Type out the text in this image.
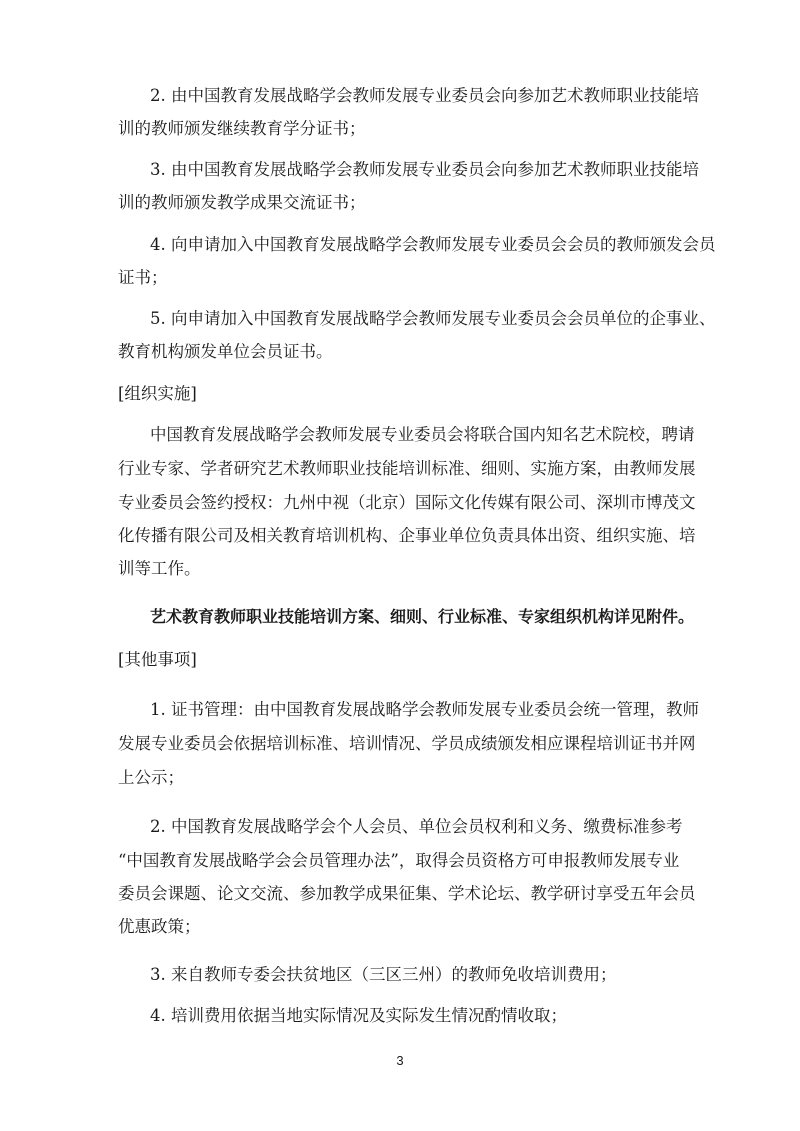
2. 由中国教育发展战略学会教师发展专业委员会向参加艺术教师职业技能培
训的教师颁发继续教育学分证书；
3. 由中国教育发展战略学会教师发展专业委员会向参加艺术教师职业技能培
训的教师颁发教学成果交流证书；
4. 向申请加入中国教育发展战略学会教师发展专业委员会会员的教师颁发会员
证书；
5. 向申请加入中国教育发展战略学会教师发展专业委员会会员单位的企事业、
教育机构颁发单位会员证书。
[组织实施]
中国教育发展战略学会教师发展专业委员会将联合国内知名艺术院校，聘请
行业专家、学者研究艺术教师职业技能培训标准、细则、实施方案，由教师发展
专业委员会签约授权：九州中视（北京）国际文化传媒有限公司、深圳市博茂文
化传播有限公司及相关教育培训机构、企事业单位负责具体出资、组织实施、培
训等工作。
艺术教育教师职业技能培训方案、细则、行业标准、专家组织机构详见附件。
[其他事项]
1. 证书管理：由中国教育发展战略学会教师发展专业委员会统一管理，教师
发展专业委员会依据培训标准、培训情况、学员成绩颁发相应课程培训证书并网
上公示；
2. 中国教育发展战略学会个人会员、单位会员权利和义务、缴费标准参考
“中国教育发展战略学会会员管理办法”，取得会员资格方可申报教师发展专业
委员会课题、论文交流、参加教学成果征集、学术论坛、教学研讨享受五年会员
优惠政策；
3. 来自教师专委会扶贫地区（三区三州）的教师免收培训费用；
4. 培训费用依据当地实际情况及实际发生情况酌情收取；
3
